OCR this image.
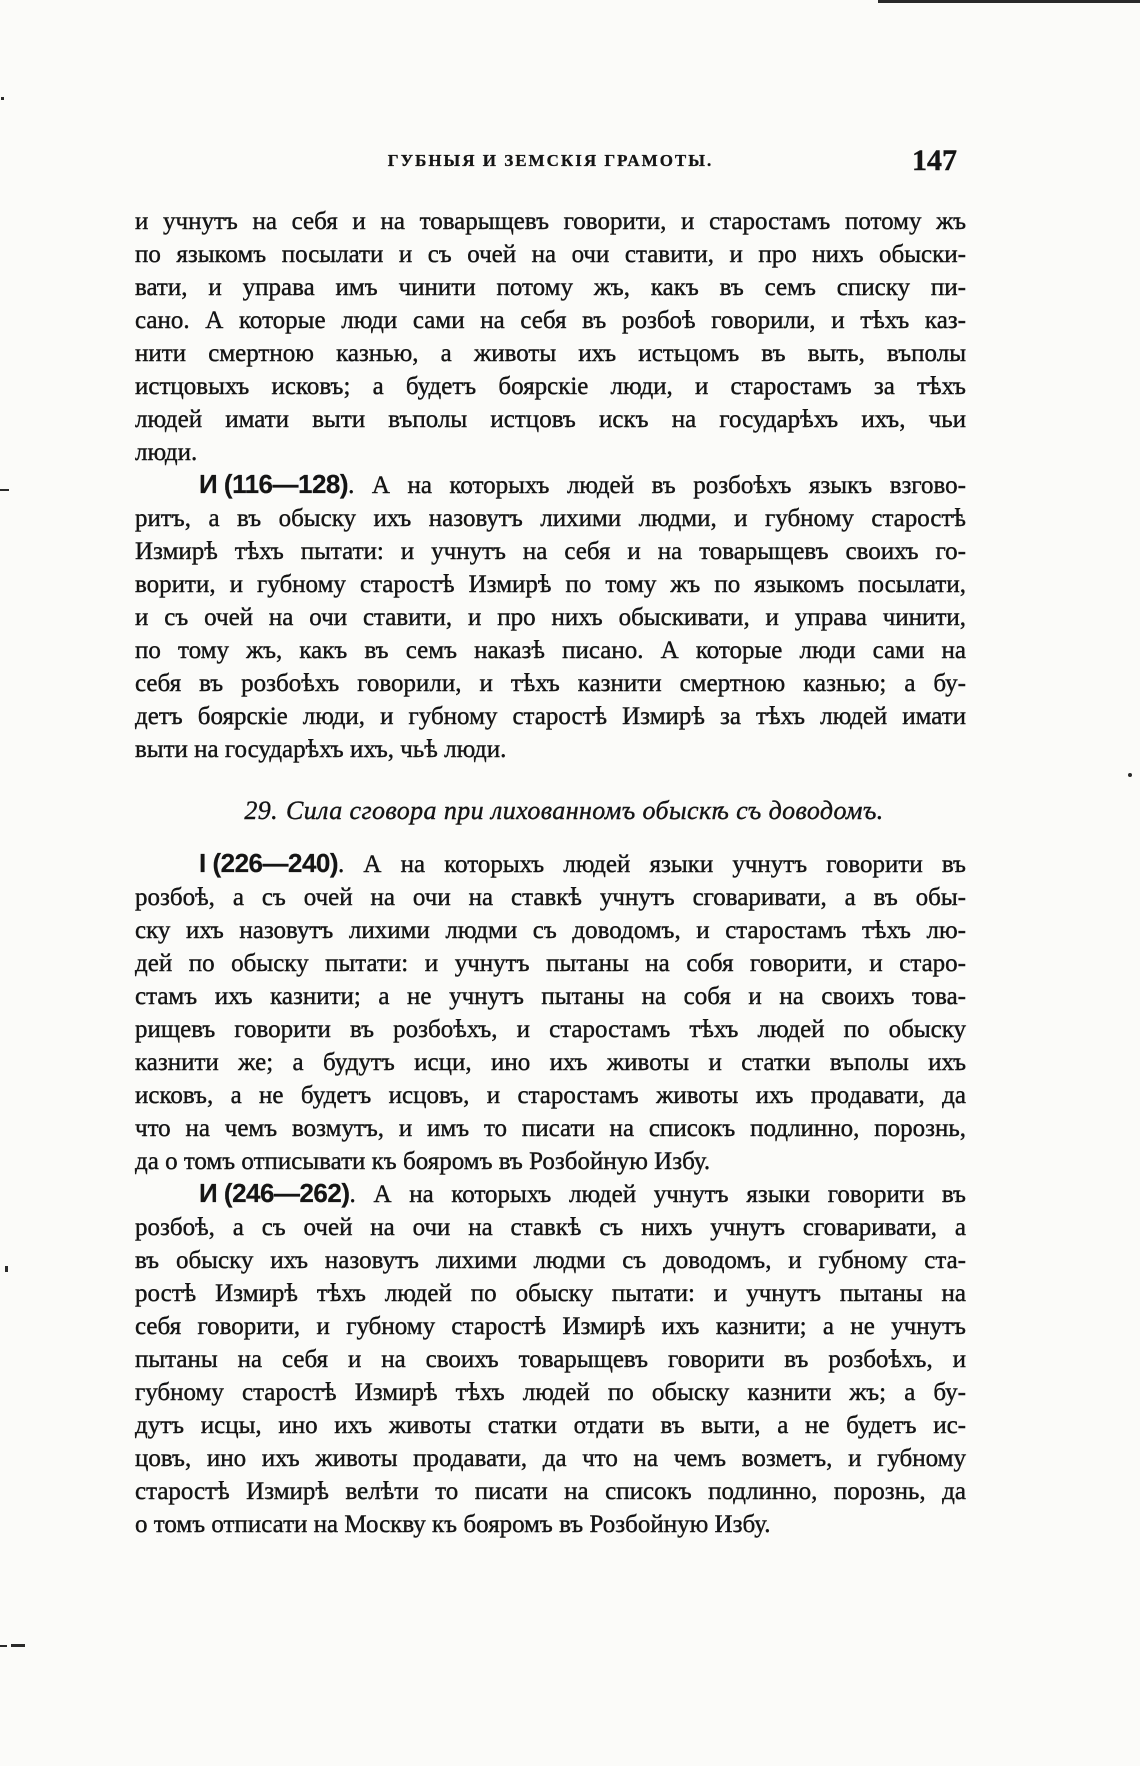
ГУБНЫЯ И ЗЕМСКІЯ ГРАМОТЫ.	147
и учнутъ на себя и на товарыщевъ говорити, и старостамъ потому жъ
по языкомъ посылати и съ очей на очи ставити, и про нихъ обыски-
вати, и управа имъ чинити потому жъ, какъ въ семъ списку пи-
сано. А которые люди сами на себя въ розбоѣ говорили, и тѣхъ каз-
нити смертною казнью, а животы ихъ истьцомъ въ выть, въполы
истцовыхъ исковъ; а будетъ боярскіе люди, и старостамъ за тѣхъ
людей имати выти въполы истцовъ искъ на государѣхъ ихъ, чьи
люди.
И (116—128). А на которыхъ людей въ розбоѣхъ языкъ взгово-
ритъ, а въ обыску ихъ назовутъ лихими людми, и губному старостѣ
Измирѣ тѣхъ пытати: и учнутъ на себя и на товарыщевъ своихъ го-
ворити, и губному старостѣ Измирѣ по тому жъ по языкомъ посылати,
и съ очей на очи ставити, и про нихъ обыскивати, и управа чинити,
по тому жъ, какъ въ семъ наказѣ писано. А которые люди сами на
себя въ розбоѣхъ говорили, и тѣхъ казнити смертною казнью; а бу-
детъ боярскіе люди, и губному старостѣ Измирѣ за тѣхъ людей имати
выти на государѣхъ ихъ, чьѣ люди.
29. Сила сговора при лихованномъ обыскѣ съ доводомъ.
I (226—240). А на которыхъ людей языки учнутъ говорити въ
розбоѣ, а съ очей на очи на ставкѣ учнутъ сговаривати, а въ обы-
ску ихъ назовутъ лихими людми съ доводомъ, и старостамъ тѣхъ лю-
дей по обыску пытати: и учнутъ пытаны на собя говорити, и старо-
стамъ ихъ казнити; а не учнутъ пытаны на собя и на своихъ това-
рищевъ говорити въ розбоѣхъ, и старостамъ тѣхъ людей по обыску
казнити же; а будутъ исци, ино ихъ животы и статки въполы ихъ
исковъ, а не будетъ исцовъ, и старостамъ животы ихъ продавати, да
что на чемъ возмутъ, и имъ то писати на списокъ подлинно, порознь,
да о томъ отписывати къ бояромъ въ Розбойную Избу.
И (246—262). А на которыхъ людей учнутъ языки говорити въ
розбоѣ, а съ очей на очи на ставкѣ съ нихъ учнутъ сговаривати, а
въ обыску ихъ назовутъ лихими людми съ доводомъ, и губному ста-
ростѣ Измирѣ тѣхъ людей по обыску пытати: и учнутъ пытаны на
себя говорити, и губному старостѣ Измирѣ ихъ казнити; а не учнутъ
пытаны на себя и на своихъ товарыщевъ говорити въ розбоѣхъ, и
губному старостѣ Измирѣ тѣхъ людей по обыску казнити жъ; а бу-
дутъ исцы, ино ихъ животы статки отдати въ выти, а не будетъ ис-
цовъ, ино ихъ животы продавати, да что на чемъ возметъ, и губному
старостѣ Измирѣ велѣти то писати на списокъ подлинно, порознь, да
о томъ отписати на Москву къ бояромъ въ Розбойную Избу.
